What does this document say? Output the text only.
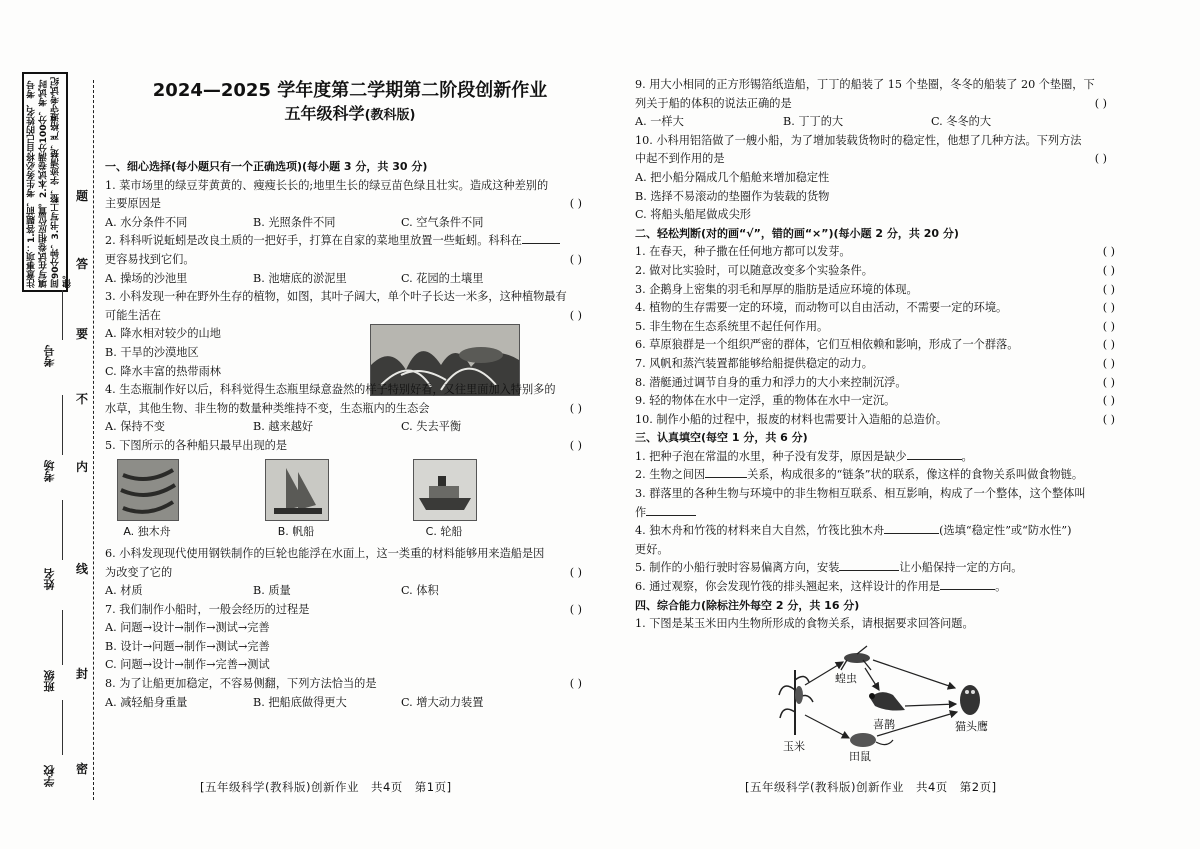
注意事项：1.答题前，考生务必将自己的姓名、考号填写在试卷相应位置。2.本试卷满分100分，考试时间90分钟，3.书写工整，字迹清楚，严格遵守考试纪律。
密
封
线
内
不
要
答
题
学校
班级
姓名
考场
考号
2024—2025 学年度第二学期第二阶段创新作业
五年级科学(教科版)
一、细心选择(每小题只有一个正确选项)(每小题 3 分，共 30 分)
1. 菜市场里的绿豆芽黄黄的、瘦瘦长长的;地里生长的绿豆苗色绿且壮实。造成这种差别的
主要原因是	( )
A. 水分条件不同	B. 光照条件不同	C. 空气条件不同
2. 科科听说蚯蚓是改良土质的一把好手，打算在自家的菜地里放置一些蚯蚓。科科在
更容易找到它们。	( )
A. 操场的沙池里	B. 池塘底的淤泥里	C. 花园的土壤里
3. 小科发现一种在野外生存的植物，如图，其叶子阔大，单个叶子长达一米多，这种植物最有
可能生活在	( )
A. 降水相对较少的山地
B. 干旱的沙漠地区
C. 降水丰富的热带雨林
4. 生态瓶制作好以后，科科觉得生态瓶里绿意盎然的样子特别好看，又往里面加入特别多的
水草，其他生物、非生物的数量种类维持不变，生态瓶内的生态会	( )
A. 保持不变	B. 越来越好	C. 失去平衡
5. 下图所示的各种船只最早出现的是	( )
A. 独木舟	B. 帆船	C. 轮船
6. 小科发现现代使用钢铁制作的巨轮也能浮在水面上，这一类重的材料能够用来造船是因
为改变了它的	( )
A. 材质	B. 质量	C. 体积
7. 我们制作小船时，一般会经历的过程是	( )
A. 问题→设计→制作→测试→完善
B. 设计→问题→制作→测试→完善
C. 问题→设计→制作→完善→测试
8. 为了让船更加稳定，不容易侧翻，下列方法恰当的是	( )
A. 减轻船身重量	B. 把船底做得更大	C. 增大动力装置
[五年级科学(教科版)创新作业　共4页　第1页]
9. 用大小相同的正方形锡箔纸造船，丁丁的船装了 15 个垫圈，冬冬的船装了 20 个垫圈，下
列关于船的体积的说法正确的是	( )
A. 一样大	B. 丁丁的大	C. 冬冬的大
10. 小科用铝箔做了一艘小船，为了增加装载货物时的稳定性，他想了几种方法。下列方法
中起不到作用的是	( )
A. 把小船分隔成几个船舱来增加稳定性
B. 选择不易滚动的垫圈作为装载的货物
C. 将船头船尾做成尖形
二、轻松判断(对的画“√”，错的画“×”)(每小题 2 分，共 20 分)
1. 在春天，种子撒在任何地方都可以发芽。	( )
2. 做对比实验时，可以随意改变多个实验条件。	( )
3. 企鹅身上密集的羽毛和厚厚的脂肪是适应环境的体现。	( )
4. 植物的生存需要一定的环境，而动物可以自由活动，不需要一定的环境。	( )
5. 非生物在生态系统里不起任何作用。	( )
6. 草原狼群是一个组织严密的群体，它们互相依赖和影响，形成了一个群落。	( )
7. 风帆和蒸汽装置都能够给船提供稳定的动力。	( )
8. 潜艇通过调节自身的重力和浮力的大小来控制沉浮。	( )
9. 轻的物体在水中一定浮，重的物体在水中一定沉。	( )
10. 制作小船的过程中，报废的材料也需要计入造船的总造价。	( )
三、认真填空(每空 1 分，共 6 分)
1. 把种子泡在常温的水里，种子没有发芽，原因是缺少	。
2. 生物之间因	关系，构成很多的“链条”状的联系，像这样的食物关系叫做食物链。
3. 群落里的各种生物与环境中的非生物相互联系、相互影响，构成了一个整体，这个整体叫
作
4. 独木舟和竹筏的材料来自大自然，竹筏比独木舟	(选填“稳定性”或“防水性”)
更好。
5. 制作的小船行驶时容易偏离方向，安装	让小船保持一定的方向。
6. 通过观察，你会发现竹筏的排头翘起来，这样设计的作用是	。
四、综合能力(除标注外每空 2 分，共 16 分)
1. 下图是某玉米田内生物所形成的食物关系，请根据要求回答问题。
蝗虫
喜鹊	猫头鹰
玉米
田鼠
[五年级科学(教科版)创新作业　共4页　第2页]
